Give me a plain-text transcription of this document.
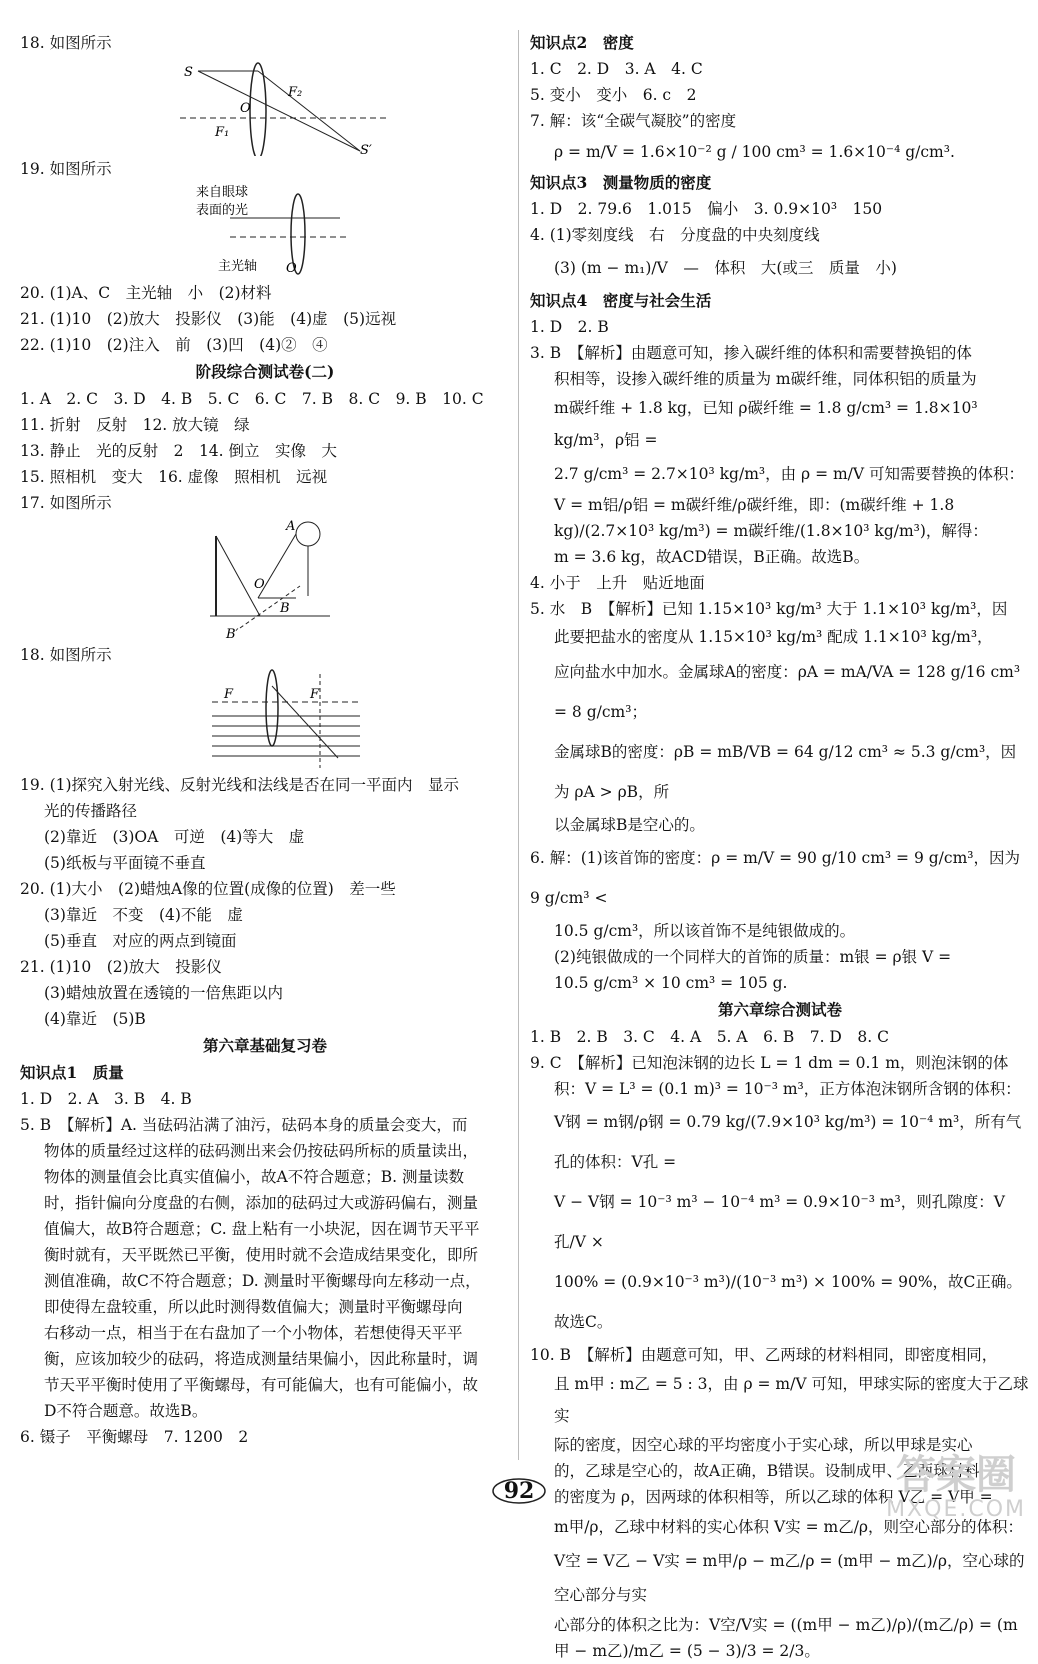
18. 如图所示

S
F₂
O
F₁
S′

19. 如图所示

来自眼球
表面的光
主光轴 O

20. (1)A、C　主光轴　小　(2)材料

21. (1)10　(2)放大　投影仪　(3)能　(4)虚　(5)远视

22. (1)10　(2)注入　前　(3)凹　(4)②　④

阶段综合测试卷(二)

1. A　2. C　3. D　4. B　5. C　6. C　7. B　8. C　9. B　10. C

11. 折射　反射　12. 放大镜　绿

13. 静止　光的反射　2　14. 倒立　实像　大

15. 照相机　变大　16. 虚像　照相机　远视

17. 如图所示

A
O
B
B′

18. 如图所示

F	F

19. (1)探究入射光线、反射光线和法线是否在同一平面内　显示

光的传播路径

(2)靠近　(3)OA　可逆　(4)等大　虚

(5)纸板与平面镜不垂直

20. (1)大小　(2)蜡烛A像的位置(成像的位置)　差一些

(3)靠近　不变　(4)不能　虚

(5)垂直　对应的两点到镜面

21. (1)10　(2)放大　投影仪

(3)蜡烛放置在透镜的一倍焦距以内

(4)靠近　(5)B

第六章基础复习卷

知识点1　质量

1. D　2. A　3. B　4. B

5. B　【解析】A. 当砝码沾满了油污，砝码本身的质量会变大，而

物体的质量经过这样的砝码测出来会仍按砝码所标的质量读出，

物体的测量值会比真实值偏小，故A不符合题意；B. 测量读数

时，指针偏向分度盘的右侧，添加的砝码过大或游码偏右，测量

值偏大，故B符合题意；C. 盘上粘有一小块泥，因在调节天平平

衡时就有，天平既然已平衡，使用时就不会造成结果变化，即所

测值准确，故C不符合题意；D. 测量时平衡螺母向左移动一点，

即使得左盘较重，所以此时测得数值偏大；测量时平衡螺母向

右移动一点，相当于在右盘加了一个小物体，若想使得天平平

衡，应该加较少的砝码，将造成测量结果偏小，因此称量时，调

节天平平衡时使用了平衡螺母，有可能偏大，也有可能偏小，故

D不符合题意。故选B。

6. 镊子　平衡螺母　7. 1200　2

知识点2　密度

1. C　2. D　3. A　4. C

5. 变小　变小　6. c　2

7. 解：该“全碳气凝胶”的密度

ρ = m/V = 1.6×10⁻² g / 100 cm³ = 1.6×10⁻⁴ g/cm³.

知识点3　测量物质的密度

1. D　2. 79.6　1.015　偏小　3. 0.9×10³　150

4. (1)零刻度线　右　分度盘的中央刻度线

(3) (m − m₁)/V　—　体积　大(或三　质量　小)

知识点4　密度与社会生活

1. D　2. B

3. B　【解析】由题意可知，掺入碳纤维的体积和需要替换铝的体

积相等，设掺入碳纤维的质量为 m碳纤维，同体积铝的质量为

m碳纤维 + 1.8 kg，已知 ρ碳纤维 = 1.8 g/cm³ = 1.8×10³ kg/m³，ρ铝 =

2.7 g/cm³ = 2.7×10³ kg/m³，由 ρ = m/V 可知需要替换的体积：

V = m铝/ρ铝 = m碳纤维/ρ碳纤维，即：(m碳纤维 + 1.8 kg)/(2.7×10³ kg/m³) = m碳纤维/(1.8×10³ kg/m³)，解得：

m = 3.6 kg，故ACD错误，B正确。故选B。

4. 小于　上升　贴近地面

5. 水　B　【解析】已知 1.15×10³ kg/m³ 大于 1.1×10³ kg/m³，因

此要把盐水的密度从 1.15×10³ kg/m³ 配成 1.1×10³ kg/m³，

应向盐水中加水。金属球A的密度：ρA = mA/VA = 128 g/16 cm³ = 8 g/cm³；

金属球B的密度：ρB = mB/VB = 64 g/12 cm³ ≈ 5.3 g/cm³，因为 ρA > ρB，所

以金属球B是空心的。

6. 解：(1)该首饰的密度：ρ = m/V = 90 g/10 cm³ = 9 g/cm³，因为 9 g/cm³ <

10.5 g/cm³，所以该首饰不是纯银做成的。

(2)纯银做成的一个同样大的首饰的质量：m银 = ρ银 V =

10.5 g/cm³ × 10 cm³ = 105 g.

第六章综合测试卷

1. B　2. B　3. C　4. A　5. A　6. B　7. D　8. C

9. C　【解析】已知泡沫钢的边长 L = 1 dm = 0.1 m，则泡沫钢的体

积：V = L³ = (0.1 m)³ = 10⁻³ m³，正方体泡沫钢所含钢的体积：

V钢 = m钢/ρ钢 = 0.79 kg/(7.9×10³ kg/m³) = 10⁻⁴ m³，所有气孔的体积：V孔 =

V − V钢 = 10⁻³ m³ − 10⁻⁴ m³ = 0.9×10⁻³ m³，则孔隙度：V孔/V ×

100% = (0.9×10⁻³ m³)/(10⁻³ m³) × 100% = 90%，故C正确。故选C。

10. B　【解析】由题意可知，甲、乙两球的材料相同，即密度相同，

且 m甲 : m乙 = 5 : 3，由 ρ = m/V 可知，甲球实际的密度大于乙球实

际的密度，因空心球的平均密度小于实心球，所以甲球是实心

的，乙球是空心的，故A正确，B错误。设制成甲、乙两球材料

的密度为 ρ，因两球的体积相等，所以乙球的体积 V乙 = V甲 =

m甲/ρ，乙球中材料的实心体积 V实 = m乙/ρ，则空心部分的体积：

V空 = V乙 − V实 = m甲/ρ − m乙/ρ = (m甲 − m乙)/ρ，空心球的空心部分与实

心部分的体积之比为：V空/V实 = ((m甲 − m乙)/ρ)/(m乙/ρ) = (m甲 − m乙)/m乙 = (5 − 3)/3 = 2/3。

92	答案圈
MXQE.COM
